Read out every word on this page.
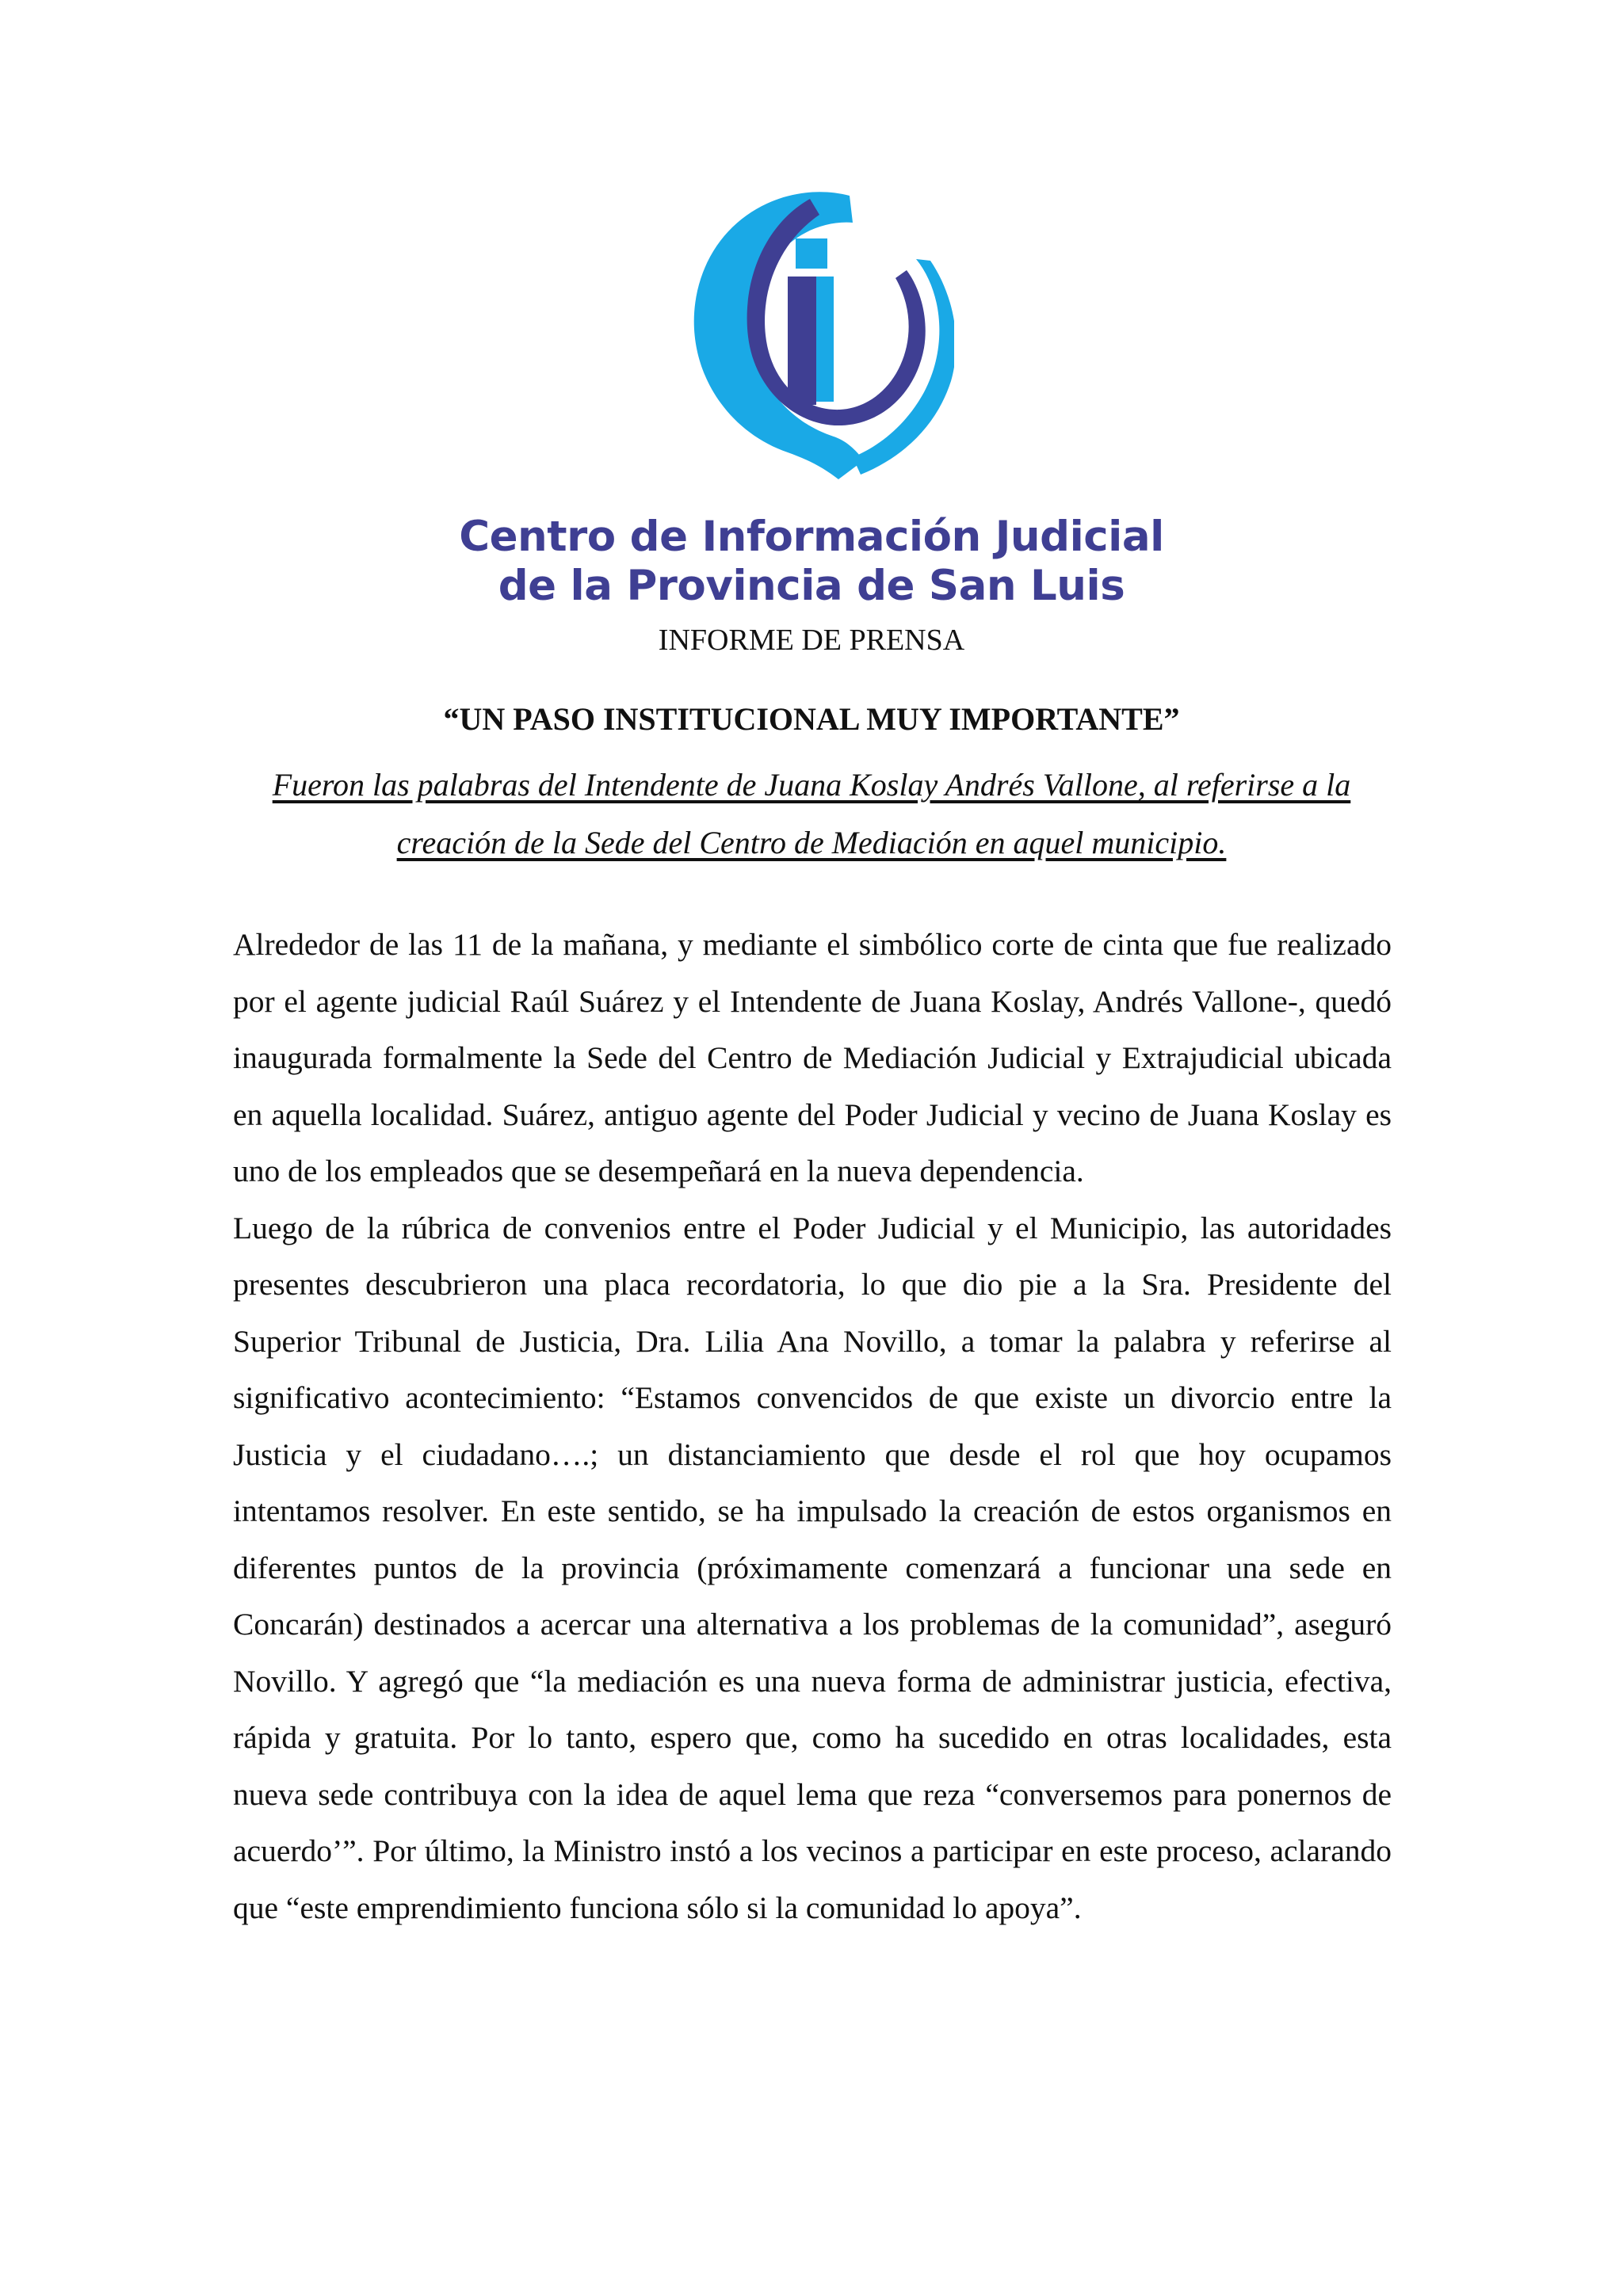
Centro de Información Judicial
de la Provincia de San Luis
INFORME DE PRENSA
“UN PASO INSTITUCIONAL MUY IMPORTANTE”
Fueron las palabras del Intendente de Juana Koslay Andrés Vallone, al referirse a la
creación de la Sede del Centro de Mediación en aquel municipio.

Alrededor de las 11 de la mañana, y mediante el simbólico corte de cinta que fue realizado por el agente judicial Raúl Suárez y el Intendente de Juana Koslay, Andrés Vallone-, quedó inaugurada formalmente la Sede del Centro de Mediación Judicial y Extrajudicial ubicada en aquella localidad. Suárez, antiguo agente del Poder Judicial y vecino de Juana Koslay es uno de los empleados que se desempeñará en la nueva dependencia.

Luego de la rúbrica de convenios entre el Poder Judicial y el Municipio, las autoridades presentes descubrieron una placa recordatoria, lo que dio pie a la Sra. Presidente del Superior Tribunal de Justicia, Dra. Lilia Ana Novillo, a tomar la palabra y referirse al significativo acontecimiento: “Estamos convencidos de que existe un divorcio entre la Justicia y el ciudadano….; un distanciamiento que desde el rol que hoy ocupamos intentamos resolver. En este sentido, se ha impulsado la creación de estos organismos en diferentes puntos de la provincia (próximamente comenzará a funcionar una sede en Concarán) destinados a acercar una alternativa a los problemas de la comunidad”, aseguró Novillo. Y agregó que “la mediación es una nueva forma de administrar justicia, efectiva, rápida y gratuita. Por lo tanto, espero que, como ha sucedido en otras localidades, esta nueva sede contribuya con la idea de aquel lema que reza “conversemos para ponernos de acuerdo’”. Por último, la Ministro instó a los vecinos a participar en este proceso, aclarando que “este emprendimiento funciona sólo si la comunidad lo apoya”.
